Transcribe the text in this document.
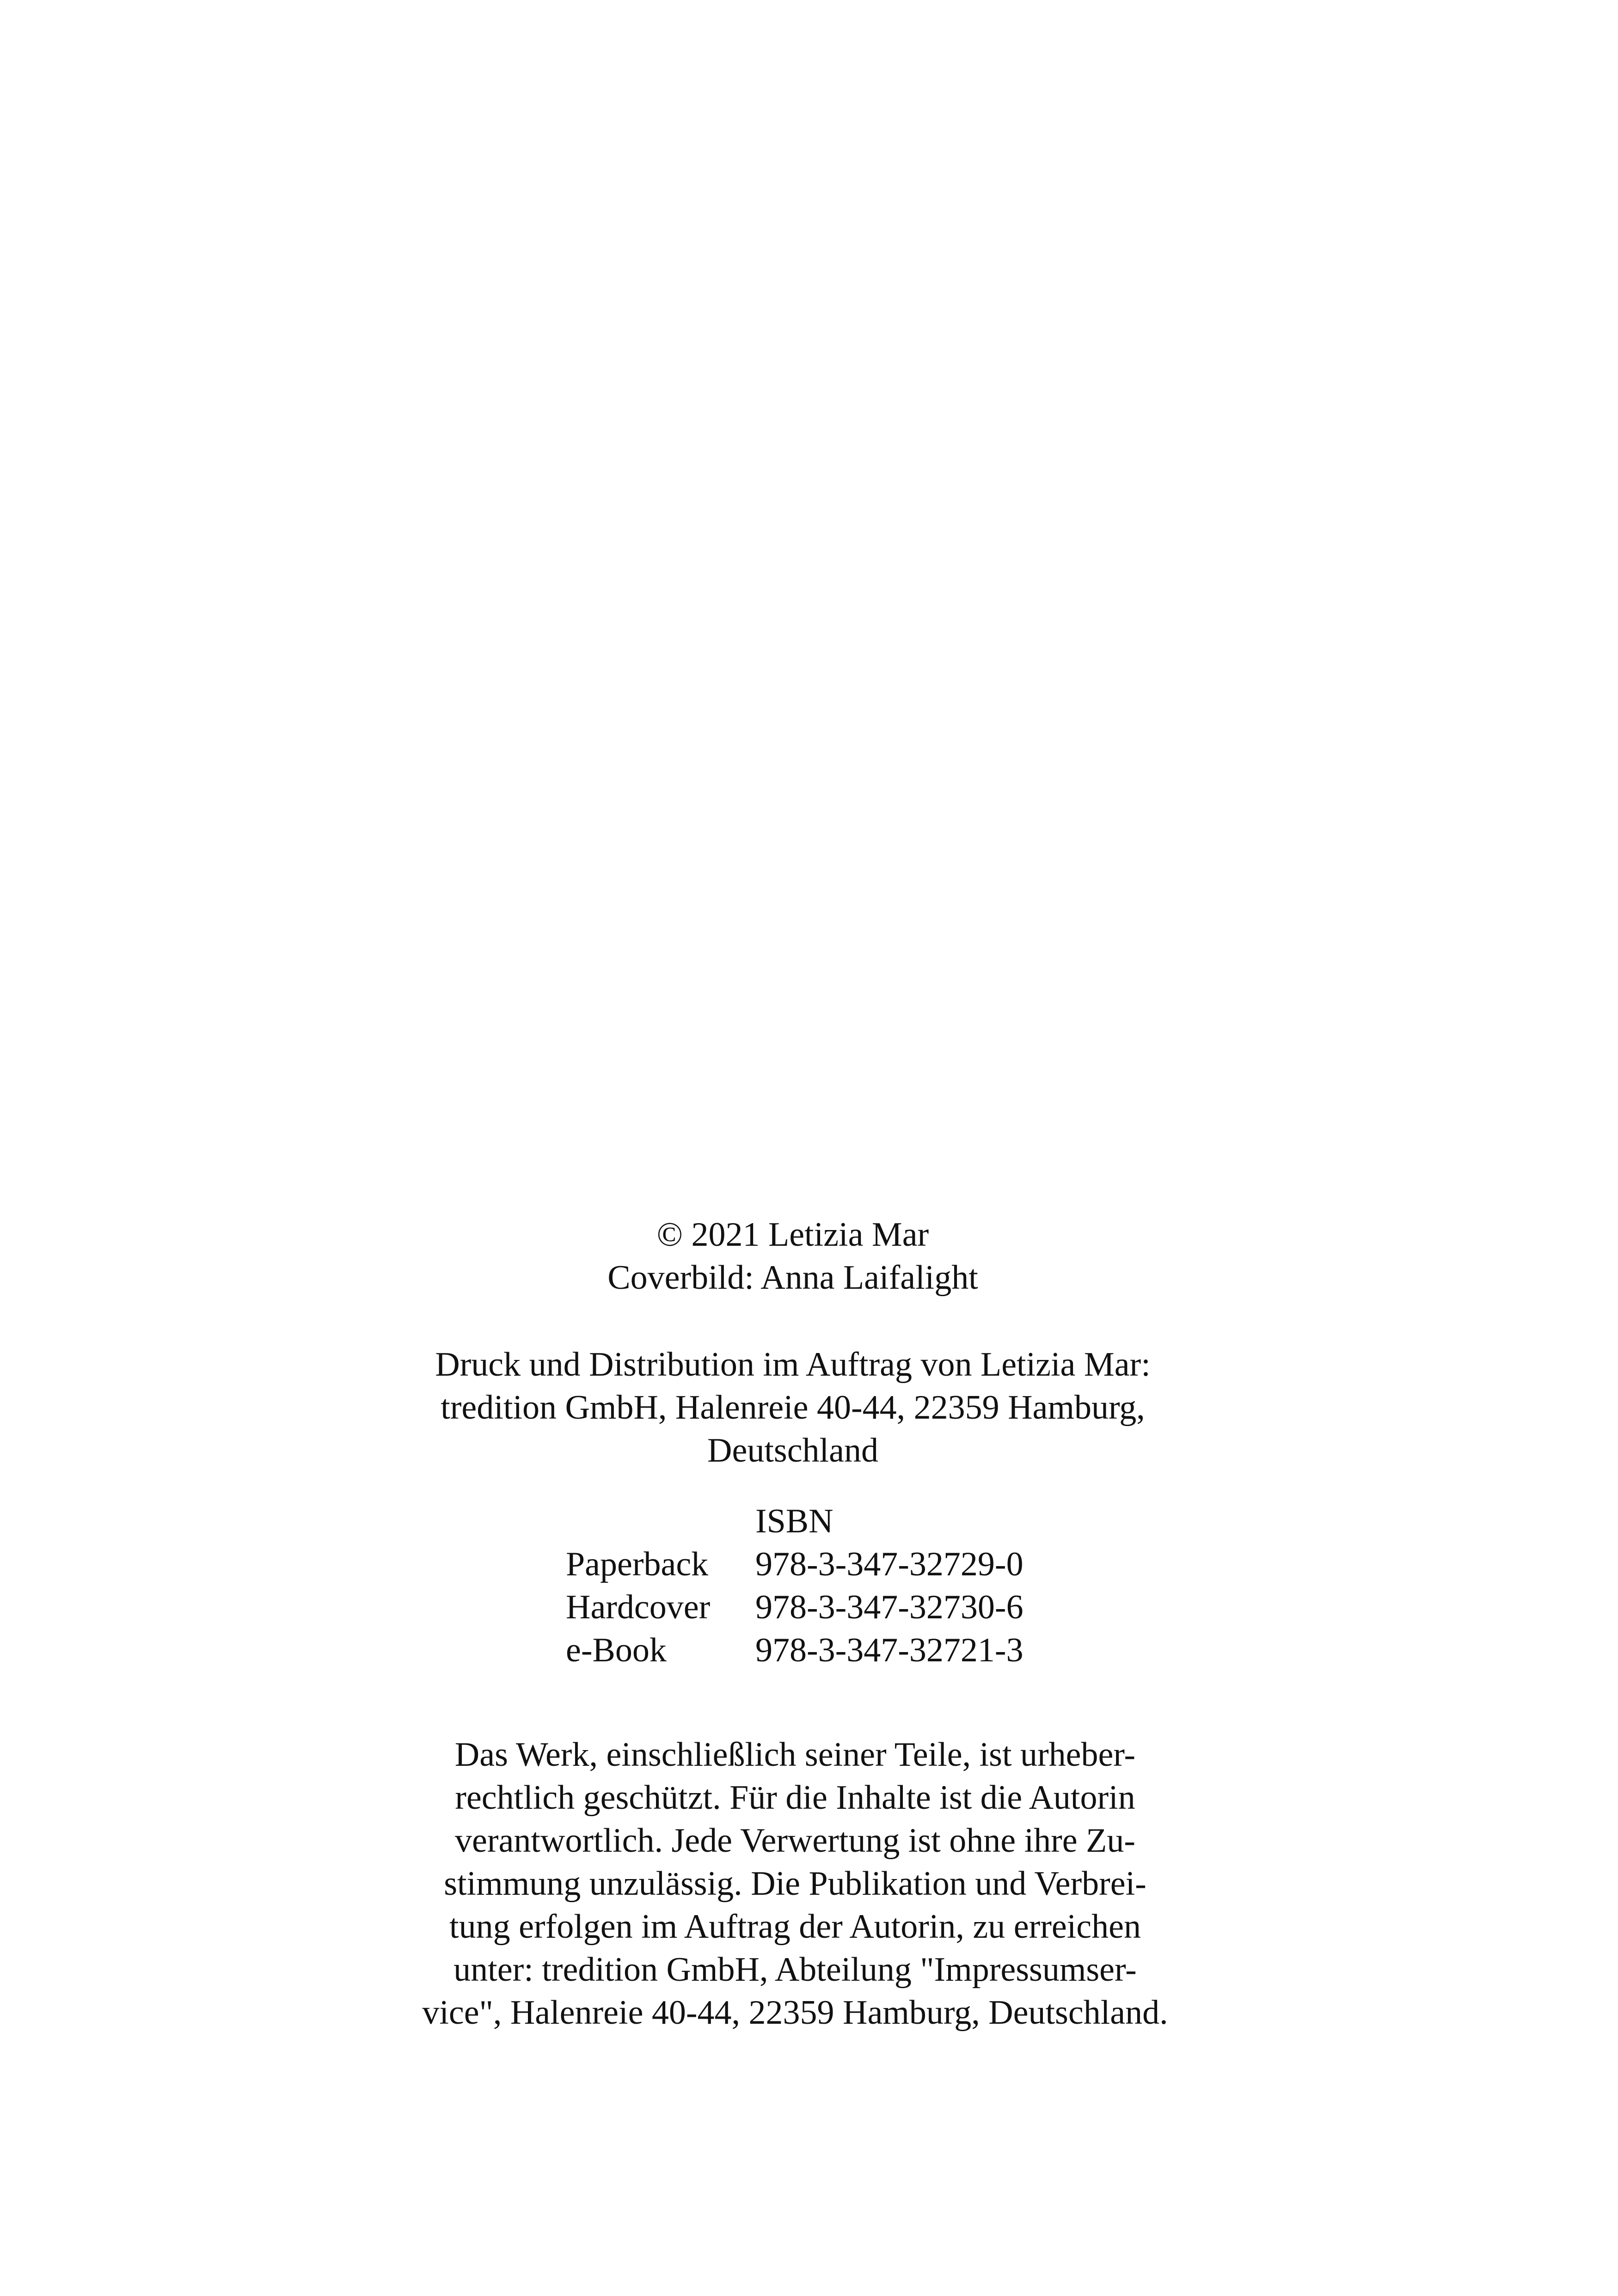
© 2021 Letizia Mar
Coverbild: Anna Laifalight
Druck und Distribution im Auftrag von Letizia Mar:
tredition GmbH, Halenreie 40-44, 22359 Hamburg,
Deutschland
ISBN
Paperback	978-3-347-32729-0
Hardcover	978-3-347-32730-6
e-Book	978-3-347-32721-3
Das Werk, einschließlich seiner Teile, ist urheber-
rechtlich geschützt. Für die Inhalte ist die Autorin
verantwortlich. Jede Verwertung ist ohne ihre Zu-
stimmung unzulässig. Die Publikation und Verbrei-
tung erfolgen im Auftrag der Autorin, zu erreichen
unter: tredition GmbH, Abteilung "Impressumser-
vice", Halenreie 40-44, 22359 Hamburg, Deutschland.
